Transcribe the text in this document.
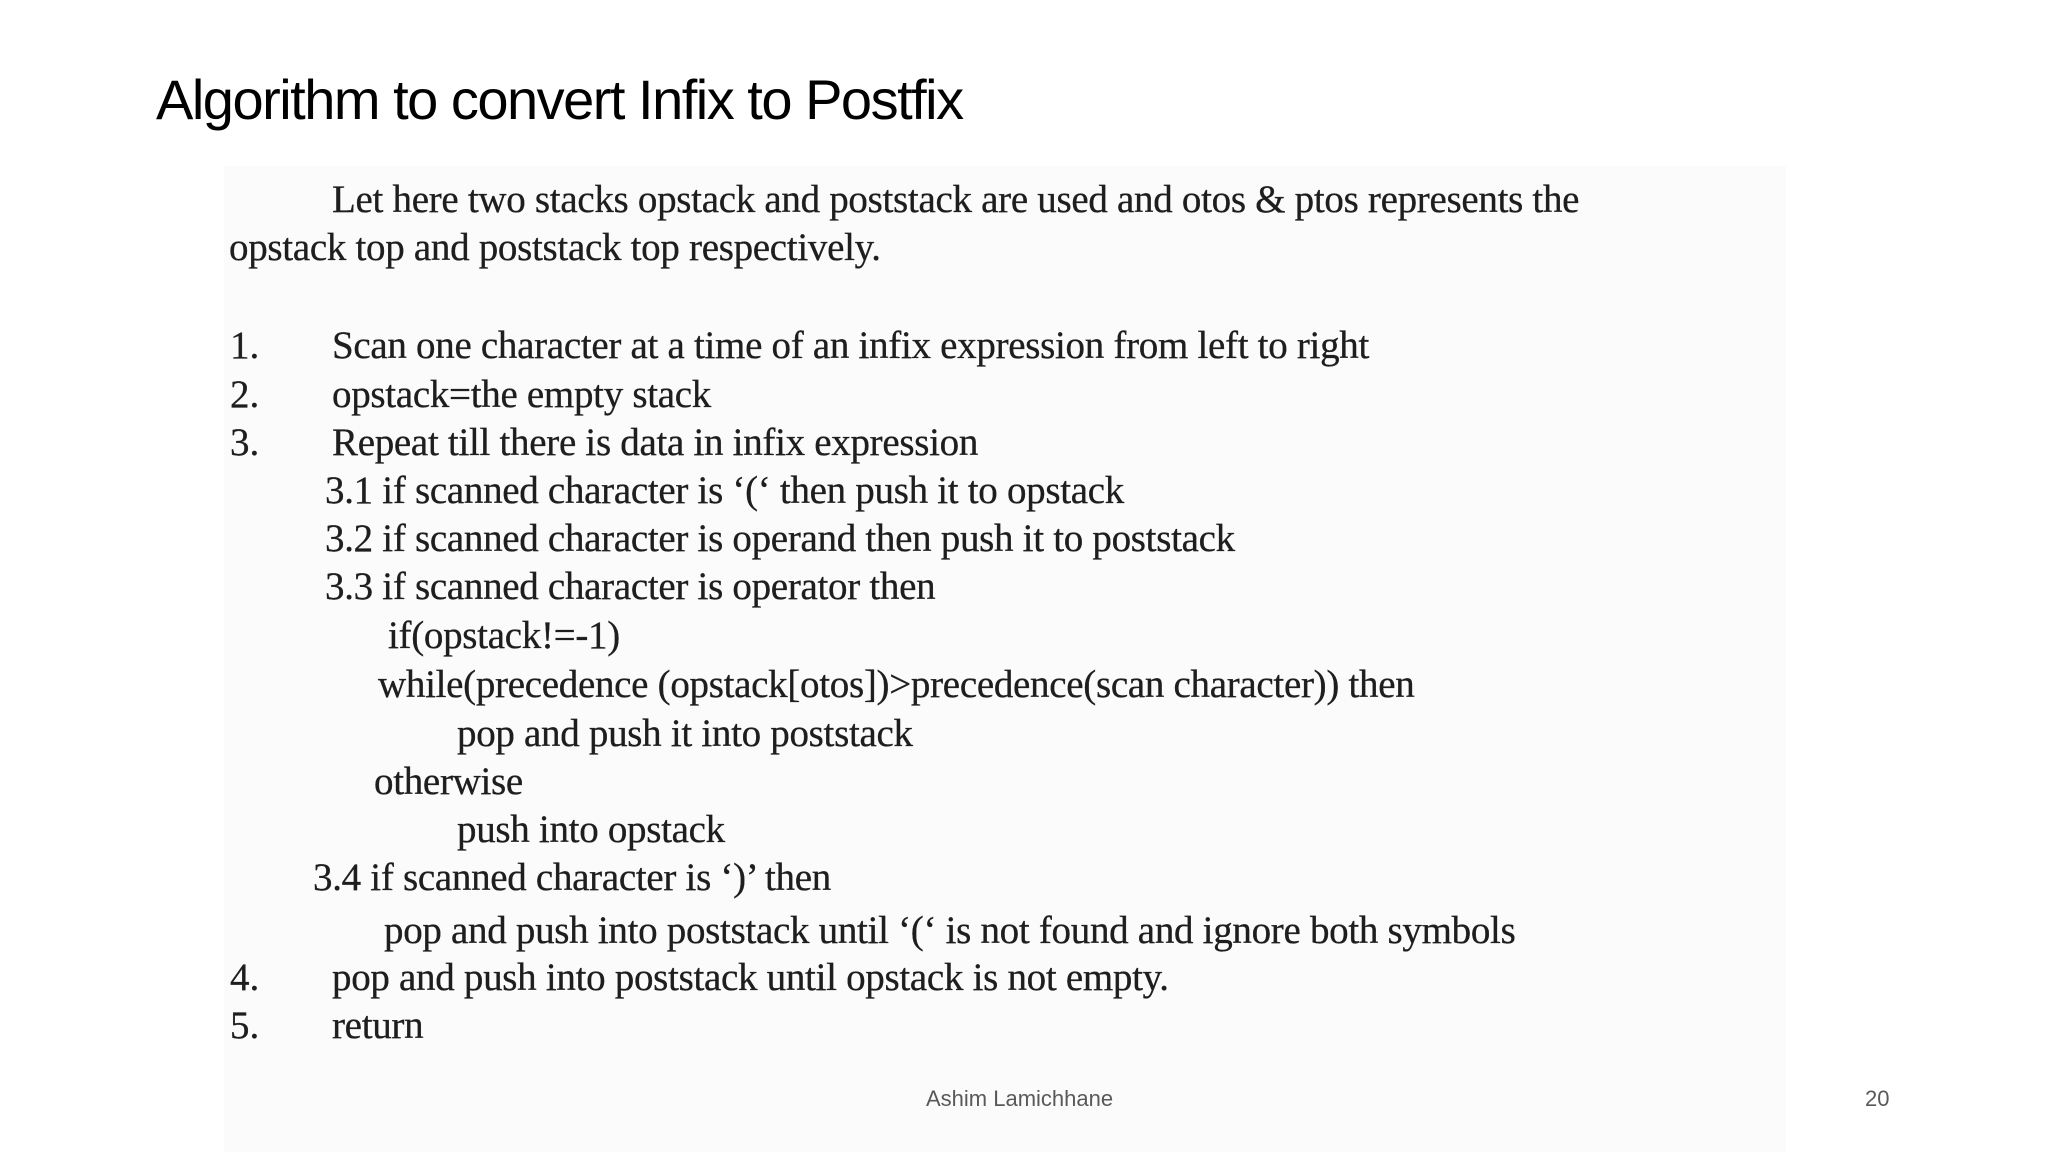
Algorithm to convert Infix to Postfix

Let here two stacks opstack and poststack are used and otos & ptos represents the

opstack top and poststack top respectively.

1. Scan one character at a time of an infix expression from left to right

2. opstack=the empty stack

3. Repeat till there is data in infix expression

3.1 if scanned character is ‘(‘ then push it to opstack

3.2 if scanned character is operand then push it to poststack

3.3 if scanned character is operator then

if(opstack!=-1)

while(precedence (opstack[otos])>precedence(scan character)) then

pop and push it into poststack

otherwise

push into opstack

3.4 if scanned character is ‘)’ then

pop and push into poststack until ‘(‘ is not found and ignore both symbols

4. pop and push into poststack until opstack is not empty.

5. return

Ashim Lamichhane	20
